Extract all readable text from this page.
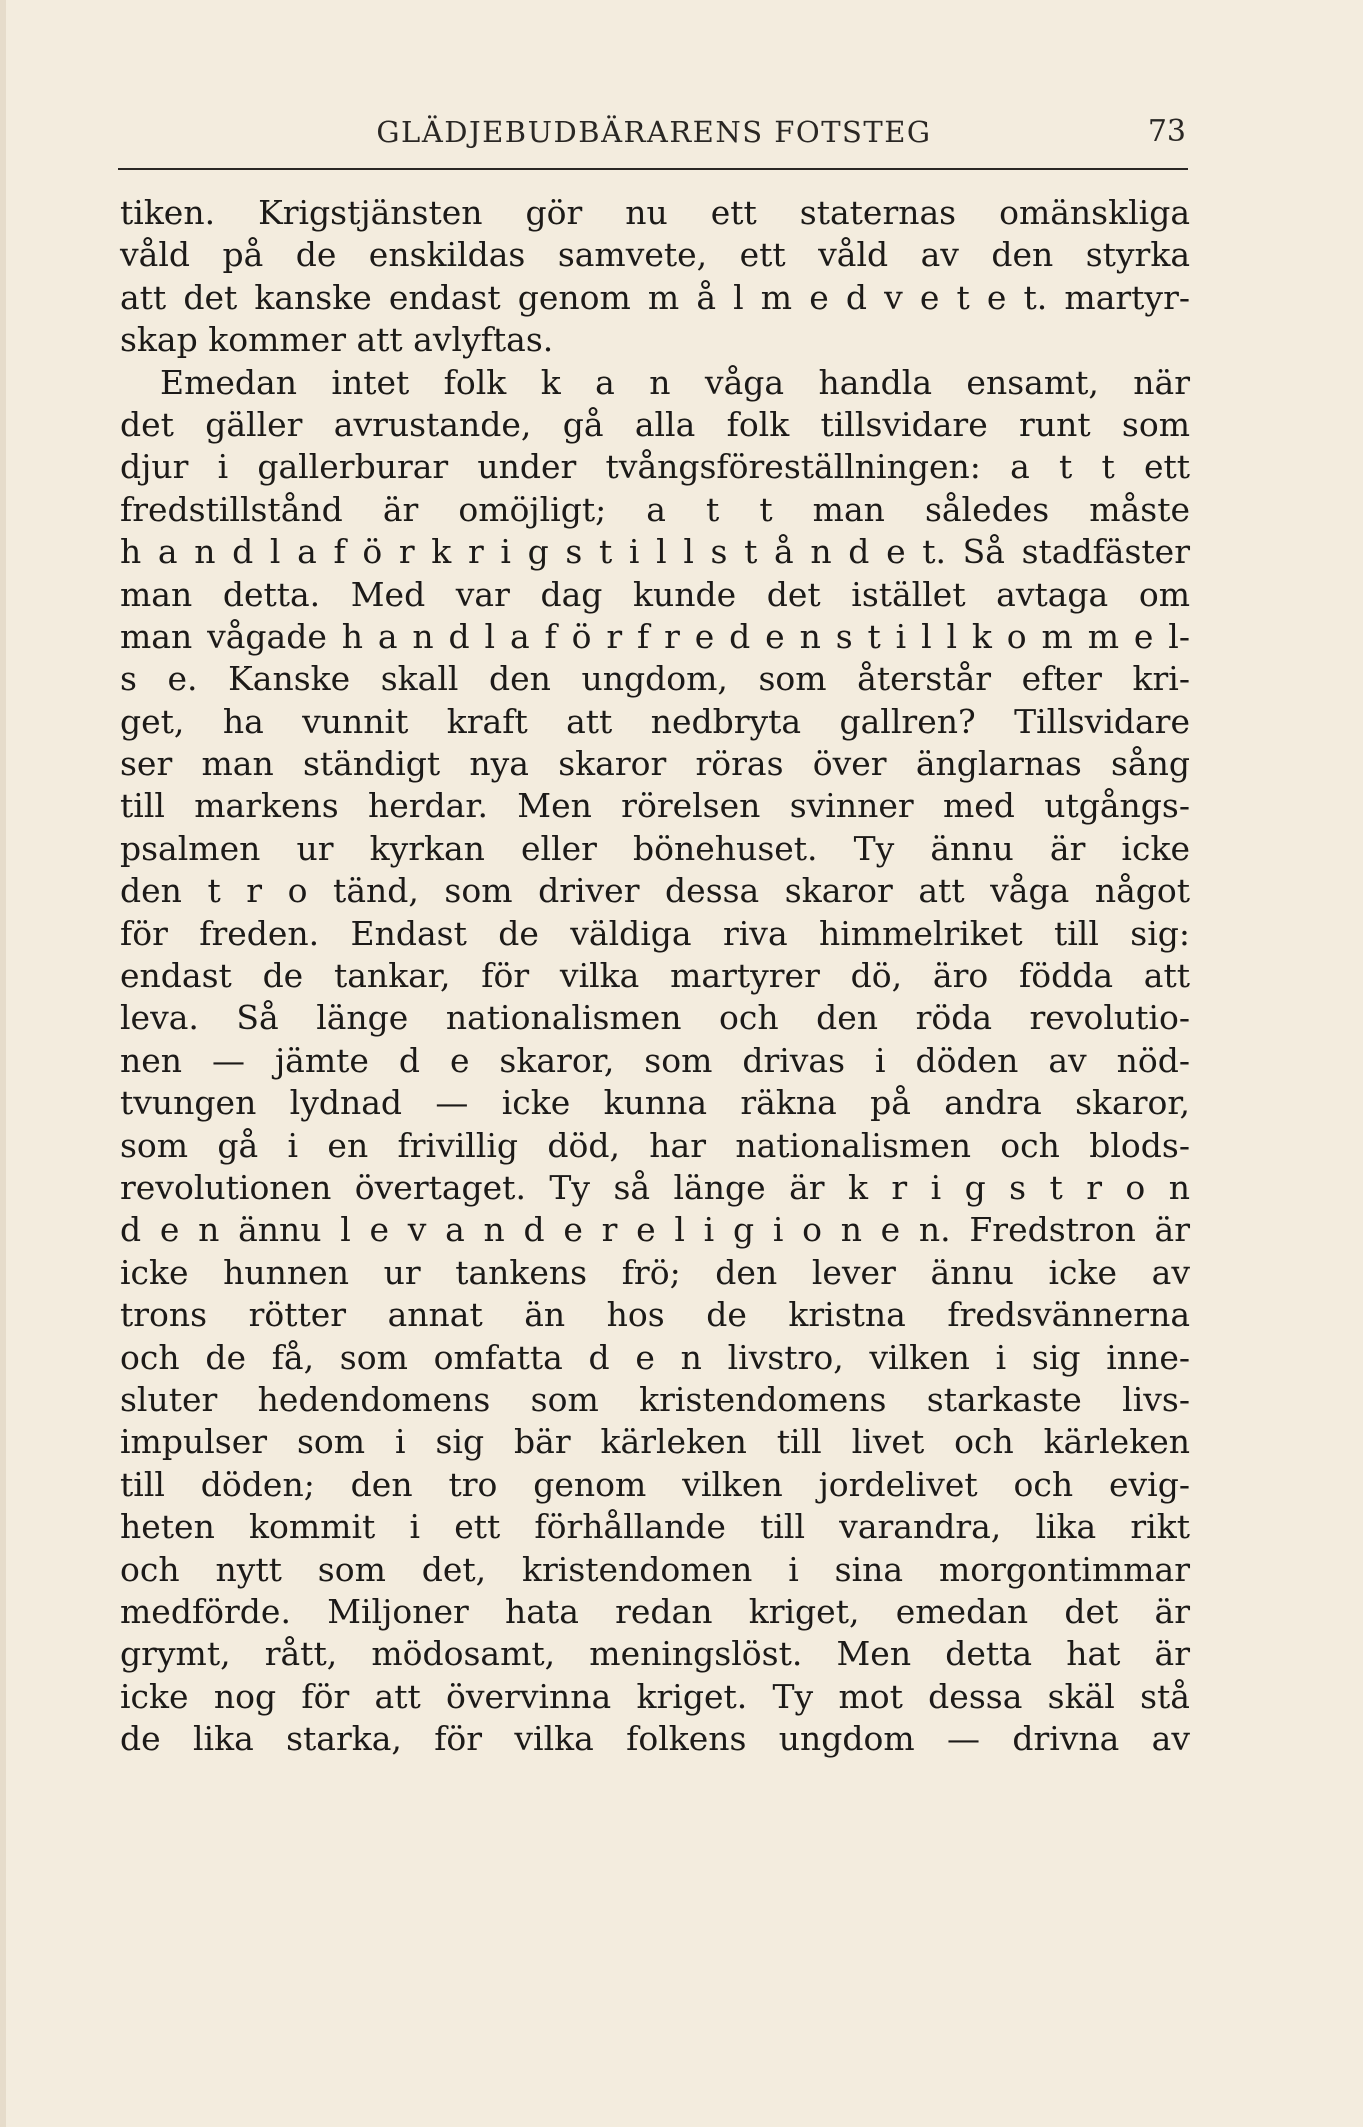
GLÄDJEBUDBÄRARENS FOTSTEG	73
tiken. Krigstjänsten gör nu ett staternas omänskliga
våld på de enskildas samvete, ett våld av den styrka
att det kanske endast genom m å l m e d v e t e t. martyr-
skap kommer att avlyftas.
Emedan intet folk k a n våga handla ensamt, när
det gäller avrustande, gå alla folk tillsvidare runt som
djur i gallerburar under tvångsföreställningen: a t t ett
fredstillstånd är omöjligt; a t t man således måste
h a n d l a f ö r k r i g s t i l l s t å n d e t. Så stadfäster
man detta. Med var dag kunde det istället avtaga om
man vågade h a n d l a f ö r f r e d e n s t i l l k o m m e l-
s e. Kanske skall den ungdom, som återstår efter kri-
get, ha vunnit kraft att nedbryta gallren? Tillsvidare
ser man ständigt nya skaror röras över änglarnas sång
till markens herdar. Men rörelsen svinner med utgångs-
psalmen ur kyrkan eller bönehuset. Ty ännu är icke
den t r o tänd, som driver dessa skaror att våga något
för freden. Endast de väldiga riva himmelriket till sig:
endast de tankar, för vilka martyrer dö, äro födda att
leva. Så länge nationalismen och den röda revolutio-
nen — jämte d e skaror, som drivas i döden av nöd-
tvungen lydnad — icke kunna räkna på andra skaror,
som gå i en frivillig död, har nationalismen och blods-
revolutionen övertaget. Ty så länge är k r i g s t r o n
d e n ännu l e v a n d e r e l i g i o n e n. Fredstron är
icke hunnen ur tankens frö; den lever ännu icke av
trons rötter annat än hos de kristna fredsvännerna
och de få, som omfatta d e n livstro, vilken i sig inne-
sluter hedendomens som kristendomens starkaste livs-
impulser som i sig bär kärleken till livet och kärleken
till döden; den tro genom vilken jordelivet och evig-
heten kommit i ett förhållande till varandra, lika rikt
och nytt som det, kristendomen i sina morgontimmar
medförde. Miljoner hata redan kriget, emedan det är
grymt, rått, mödosamt, meningslöst. Men detta hat är
icke nog för att övervinna kriget. Ty mot dessa skäl stå
de lika starka, för vilka folkens ungdom — drivna av
